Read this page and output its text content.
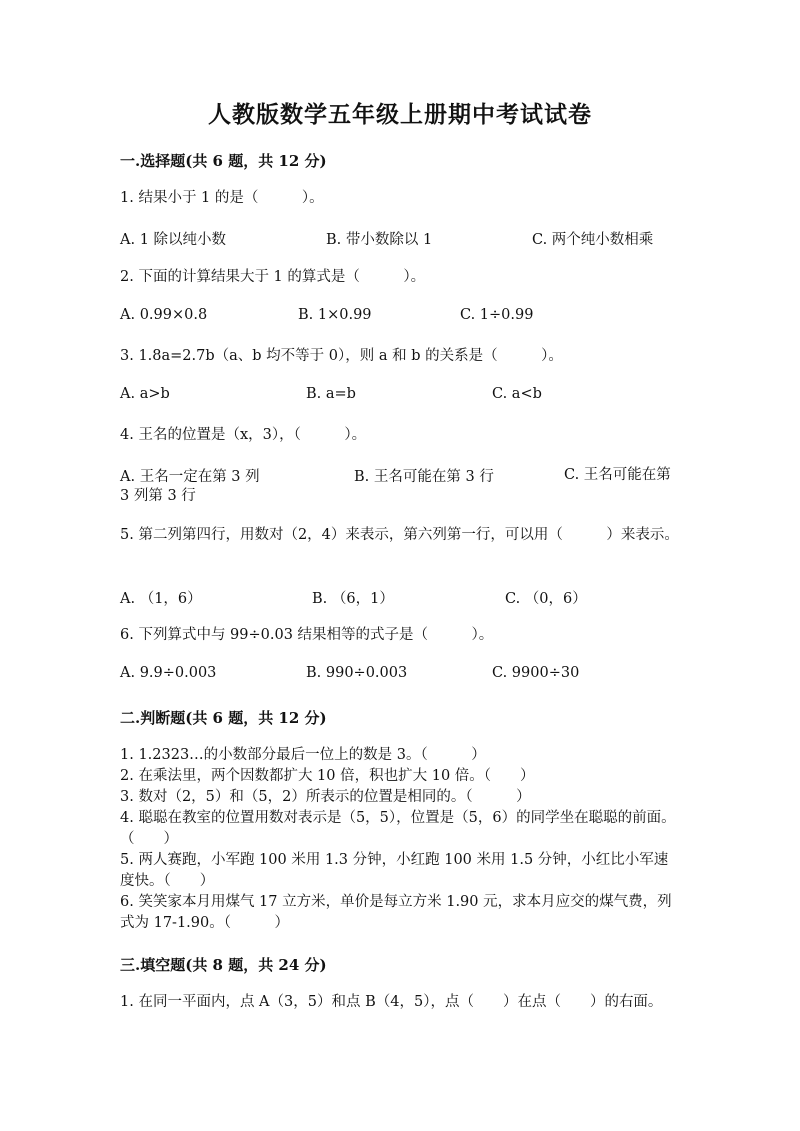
人教版数学五年级上册期中考试试卷
一.选择题(共 6 题，共 12 分)
1. 结果小于 1 的是（　　　）。
A. 1 除以纯小数	B. 带小数除以 1	C. 两个纯小数相乘
2. 下面的计算结果大于 1 的算式是（　　　）。
A. 0.99×0.8	B. 1×0.99	C. 1÷0.99
3. 1.8a=2.7b（a、b 均不等于 0），则 a 和 b 的关系是（　　　）。
A. a>b	B. a=b	C. a<b
4. 王名的位置是（x，3），（　　　）。
A. 王名一定在第 3 列	B. 王名可能在第 3 行	C. 王名可能在第 3 列第 3 行
5. 第二列第四行，用数对（2，4）来表示，第六列第一行，可以用（　　　）来表示。
A. （1，6）	B. （6，1）	C. （0，6）
6. 下列算式中与 99÷0.03 结果相等的式子是（　　　）。
A. 9.9÷0.003	B. 990÷0.003	C. 9900÷30
二.判断题(共 6 题，共 12 分)
1. 1.2323…的小数部分最后一位上的数是 3。（　　　）
2. 在乘法里，两个因数都扩大 10 倍，积也扩大 10 倍。（　　）
3. 数对（2，5）和（5，2）所表示的位置是相同的。（　　　）
4. 聪聪在教室的位置用数对表示是（5，5），位置是（5，6）的同学坐在聪聪的前面。（　　）
5. 两人赛跑，小军跑 100 米用 1.3 分钟，小红跑 100 米用 1.5 分钟，小红比小军速度快。（　　）
6. 笑笑家本月用煤气 17 立方米，单价是每立方米 1.90 元，求本月应交的煤气费，列式为 17-1.90。（　　　）
三.填空题(共 8 题，共 24 分)
1. 在同一平面内，点 A（3，5）和点 B（4，5），点（　　）在点（　　）的右面。
